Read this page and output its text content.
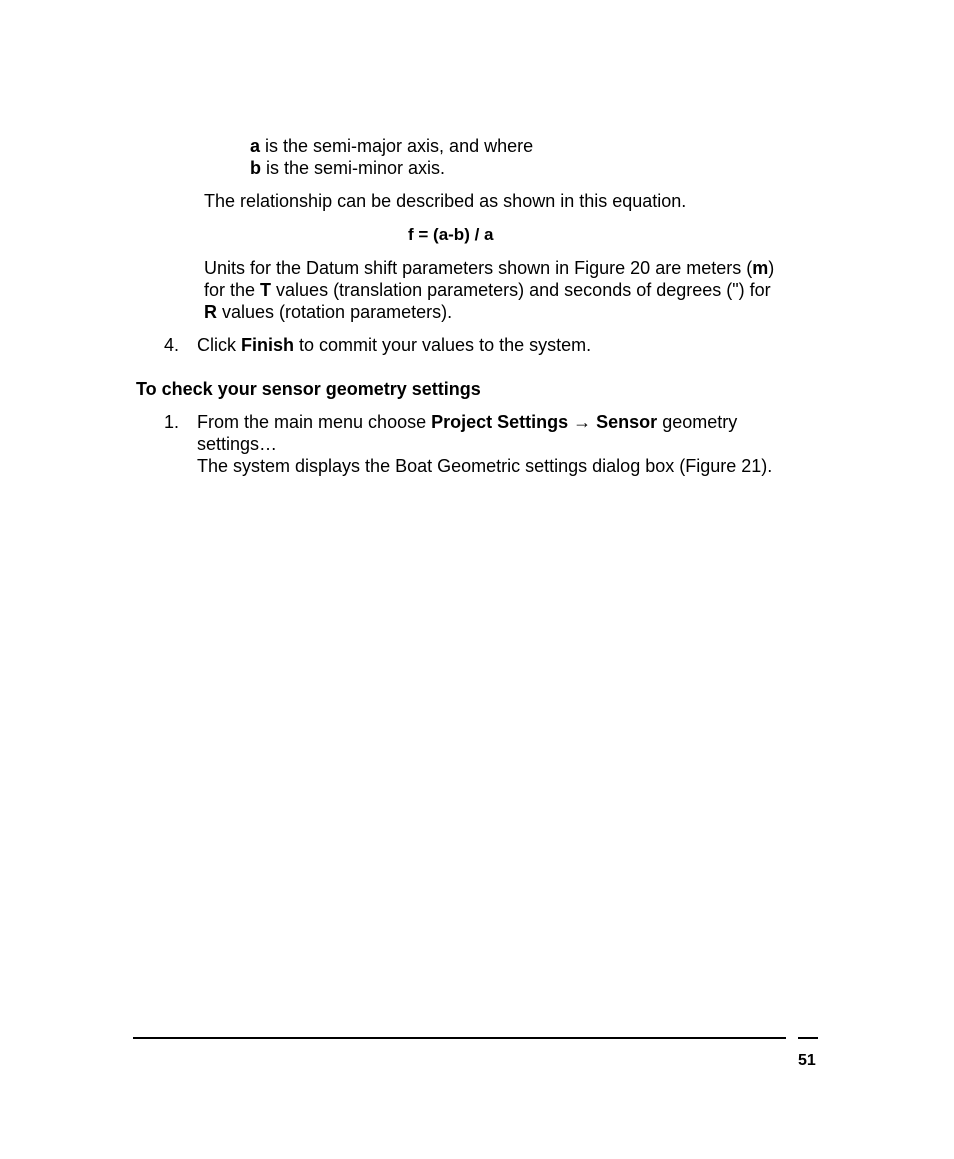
a is the semi-major axis, and where
b is the semi-minor axis.
The relationship can be described as shown in this equation.
f = (a-b) / a
Units for the Datum shift parameters shown in Figure 20 are meters (m)
for the T values (translation parameters) and seconds of degrees (") for
R values (rotation parameters).
4. Click Finish to commit your values to the system.
To check your sensor geometry settings
1. From the main menu choose Project Settings → Sensor geometry
settings…
The system displays the Boat Geometric settings dialog box (Figure 21).
51
